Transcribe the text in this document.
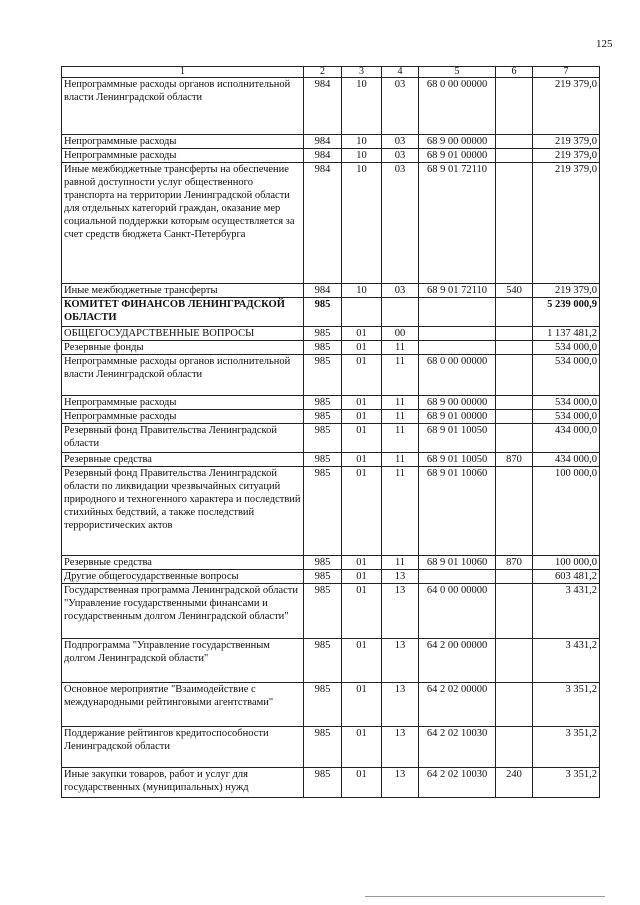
125
1	2	3	4	5	6	7
Непрограммные расходы органов исполнительной власти Ленинградской области	984	10	03	68 0 00 00000		219 379,0
Непрограммные расходы	984	10	03	68 9 00 00000		219 379,0
Непрограммные расходы	984	10	03	68 9 01 00000		219 379,0
Иные межбюджетные трансферты на обеспечение равной доступности услуг общественного транспорта на территории Ленинградской области для отдельных категорий граждан, оказание мер социальной поддержки которым осуществляется за счет средств бюджета Санкт-Петербурга	984	10	03	68 9 01 72110		219 379,0
Иные межбюджетные трансферты	984	10	03	68 9 01 72110	540	219 379,0
КОМИТЕТ ФИНАНСОВ ЛЕНИНГРАДСКОЙ ОБЛАСТИ	985					5 239 000,9
ОБЩЕГОСУДАРСТВЕННЫЕ ВОПРОСЫ	985	01	00			1 137 481,2
Резервные фонды	985	01	11			534 000,0
Непрограммные расходы органов исполнительной власти Ленинградской области	985	01	11	68 0 00 00000		534 000,0
Непрограммные расходы	985	01	11	68 9 00 00000		534 000,0
Непрограммные расходы	985	01	11	68 9 01 00000		534 000,0
Резервный фонд Правительства Ленинградской области	985	01	11	68 9 01 10050		434 000,0
Резервные средства	985	01	11	68 9 01 10050	870	434 000,0
Резервный фонд Правительства Ленинградской области по ликвидации чрезвычайных ситуаций природного и техногенного характера и последствий стихийных бедствий, а также последствий террористических актов	985	01	11	68 9 01 10060		100 000,0
Резервные средства	985	01	11	68 9 01 10060	870	100 000,0
Другие общегосударственные вопросы	985	01	13			603 481,2
Государственная программа Ленинградской области "Управление государственными финансами и государственным долгом Ленинградской области"	985	01	13	64 0 00 00000		3 431,2
Подпрограмма "Управление государственным долгом Ленинградской области"	985	01	13	64 2 00 00000		3 431,2
Основное мероприятие "Взаимодействие с международными рейтинговыми агентствами"	985	01	13	64 2 02 00000		3 351,2
Поддержание рейтингов кредитоспособности Ленинградской области	985	01	13	64 2 02 10030		3 351,2
Иные закупки товаров, работ и услуг для государственных (муниципальных) нужд	985	01	13	64 2 02 10030	240	3 351,2
